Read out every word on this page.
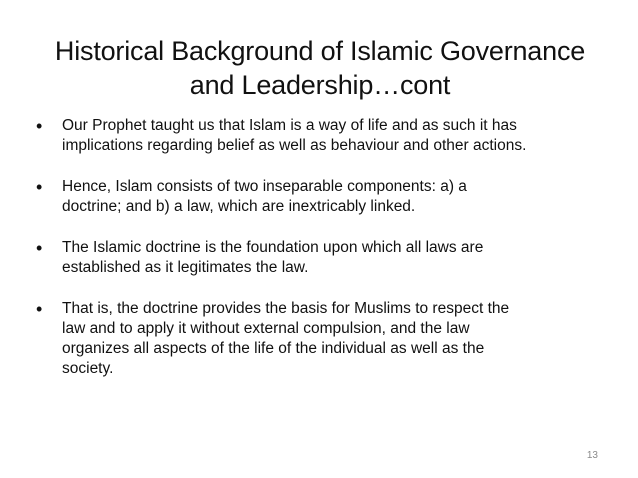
Historical Background of Islamic Governance
and Leadership…cont
• Our Prophet taught us that Islam is a way of life and as such it has
implications regarding belief as well as behaviour and other actions.
• Hence, Islam consists of two inseparable components: a) a
doctrine; and b) a law, which are inextricably linked.
• The Islamic doctrine is the foundation upon which all laws are
established as it legitimates the law.
• That is, the doctrine provides the basis for Muslims to respect the
law and to apply it without external compulsion, and the law
organizes all aspects of the life of the individual as well as the
society.
13
